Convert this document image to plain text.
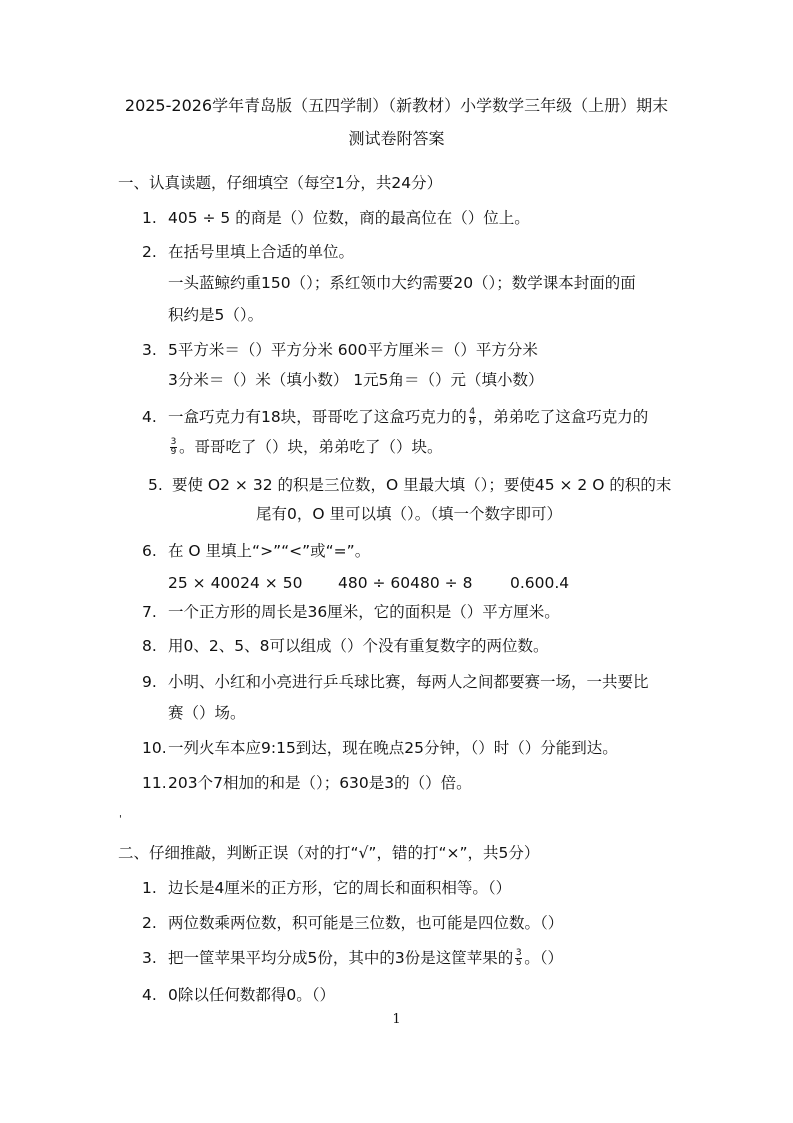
2025-2026学年青岛版（五四学制）（新教材）小学数学三年级（上册）期末
测试卷附答案
一、认真读题，仔细填空（每空1分，共24分）
1. 405 ÷ 5 的商是（）位数，商的最高位在（）位上。
2. 在括号里填上合适的单位。
一头蓝鲸约重150（）；系红领巾大约需要20（）；数学课本封面的面
积约是5（）。
3. 5平方米＝（）平方分米 600平方厘米＝（）平方分米
3分米＝（）米（填小数） 1元5角＝（）元（填小数）
4. 一盒巧克力有18块，哥哥吃了这盒巧克力的 $\frac{4}{9}$ ，弟弟吃了这盒巧克力的
$\frac{3}{9}$ 。哥哥吃了（）块，弟弟吃了（）块。
5. 要使 O2 × 32 的积是三位数，O 里最大填（）；要使45 × 2 O 的积的末
尾有0，O 里可以填（）。（填一个数字即可）
6. 在 O 里填上“>”“<”或“=”。
25 × 40024 × 50 480 ÷ 60480 ÷ 8 0.600.4
7. 一个正方形的周长是36厘米，它的面积是（）平方厘米。
8. 用0、2、5、8可以组成（）个没有重复数字的两位数。
9. 小明、小红和小亮进行乒乓球比赛，每两人之间都要赛一场，一共要比
赛（）场。
10. 一列火车本应9:15到达，现在晚点25分钟，（）时（）分能到达。
11. 203个7相加的和是（）；630是3的（）倍。
'
二、仔细推敲，判断正误（对的打“√”，错的打“×”，共5分）
1. 边长是4厘米的正方形，它的周长和面积相等。（）
2. 两位数乘两位数，积可能是三位数，也可能是四位数。（）
3. 把一筐苹果平均分成5份，其中的3份是这筐苹果的 $\frac{3}{5}$ 。（）
4. 0除以任何数都得0。（）
1
